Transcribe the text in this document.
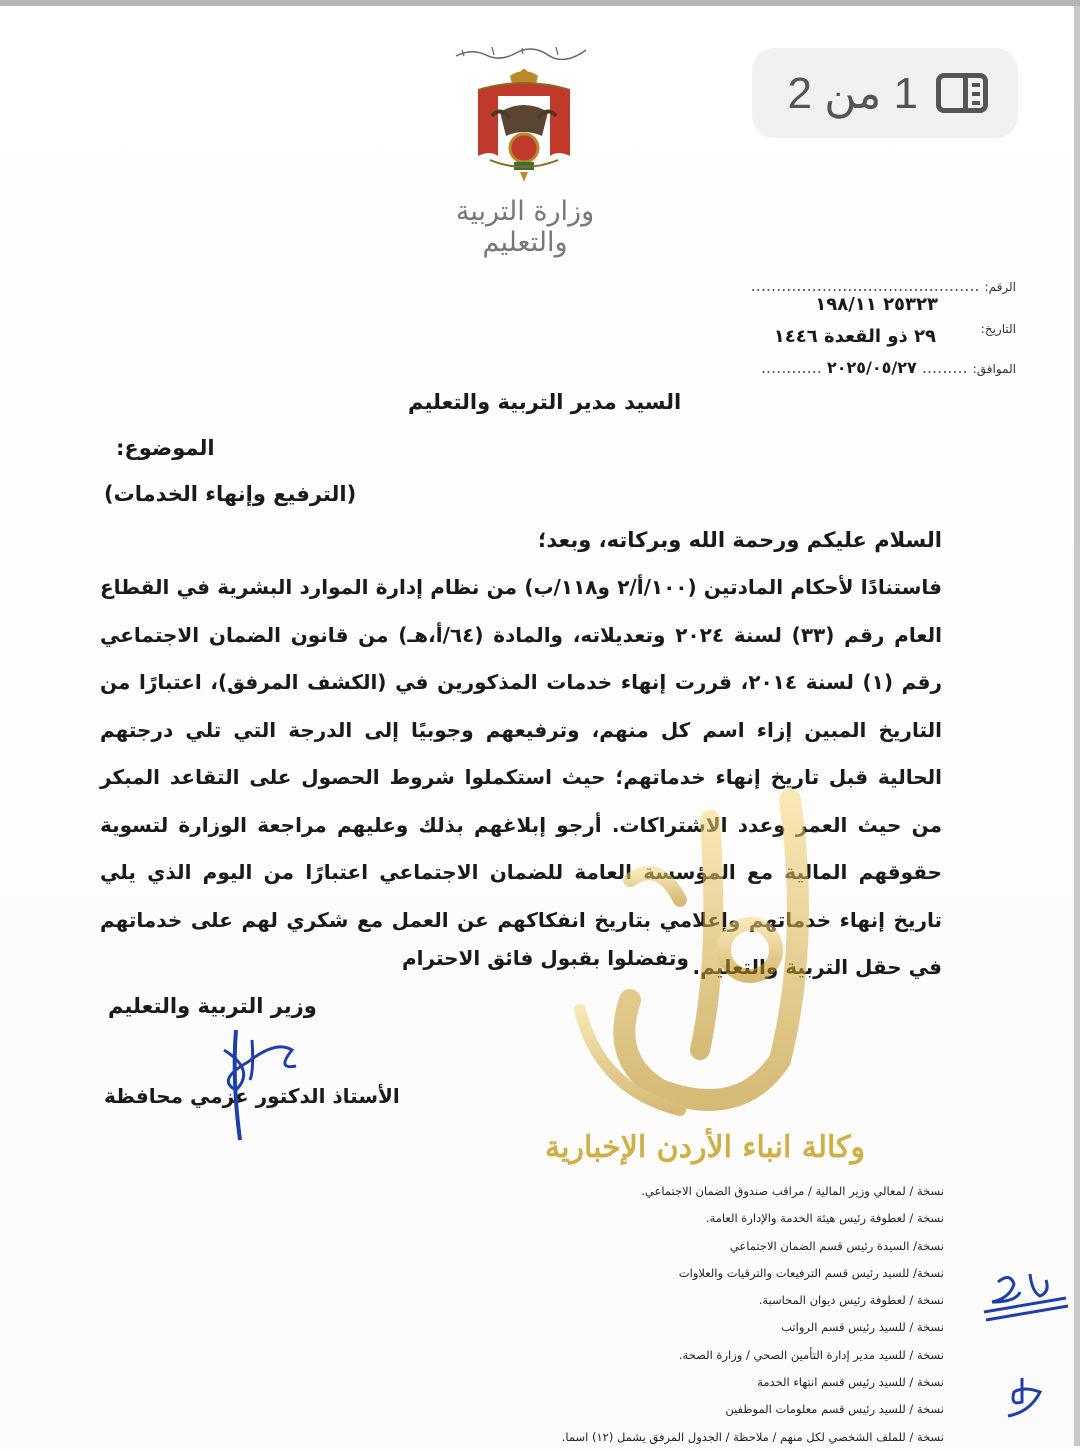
1 من 2
وزارة التربية والتعليم
الرقم: .............................................
٢٥٣٢٣ ١٩٨/١١
التاريخ:
٢٩ ذو القعدة ١٤٤٦
الموافق: ......... ٢٠٢٥/٠٥/٢٧ ............
السيد مدير التربية والتعليم
الموضوع:
(الترفيع وإنهاء الخدمات)
السلام عليكم ورحمة الله وبركاته، وبعد؛
فاستنادًا لأحكام المادتين (١٠٠/أ/٢ و١١٨/ب) من نظام إدارة الموارد البشرية في القطاع العام رقم (٣٣) لسنة ٢٠٢٤ وتعديلاته، والمادة (٦٤/أ،هـ) من قانون الضمان الاجتماعي رقم (١) لسنة ٢٠١٤، قررت إنهاء خدمات المذكورين في (الكشف المرفق)، اعتبارًا من التاريخ المبين إزاء اسم كل منهم، وترفيعهم وجوبيًا إلى الدرجة التي تلي درجتهم الحالية قبل تاريخ إنهاء خدماتهم؛ حيث استكملوا شروط الحصول على التقاعد المبكر من حيث العمر وعدد الاشتراكات. أرجو إبلاغهم بذلك وعليهم مراجعة الوزارة لتسوية حقوقهم المالية مع المؤسسة العامة للضمان الاجتماعي اعتبارًا من اليوم الذي يلي تاريخ إنهاء خدماتهم وإعلامي بتاريخ انفكاكهم عن العمل مع شكري لهم على خدماتهم في حقل التربية والتعليم.
وتفضلوا بقبول فائق الاحترام
وزير التربية والتعليم
الأستاذ الدكتور عزمي محافظة
وكالة انباء الأردن الإخبارية
نسخة / لمعالي وزير المالية / مراقب صندوق الضمان الاجتماعي.
نسخة / لعطوفة رئيس هيئة الخدمة والإدارة العامة.
نسخة/ السيدة رئيس قسم الضمان الاجتماعي
نسخة/ للسيد رئيس قسم الترفيعات والترقيات والعلاوات
نسخة / لعطوفة رئيس ديوان المحاسبة.
نسخة / للسيد رئيس قسم الرواتب
نسخة / للسيد مدير إدارة التأمين الصحي / وزارة الصحة.
نسخة / للسيد رئيس قسم انتهاء الخدمة
نسخة / للسيد رئيس قسم معلومات الموظفين
نسخة / للملف الشخصي لكل منهم / ملاحظة / الجدول المرفق يشمل (١٢) اسما.
